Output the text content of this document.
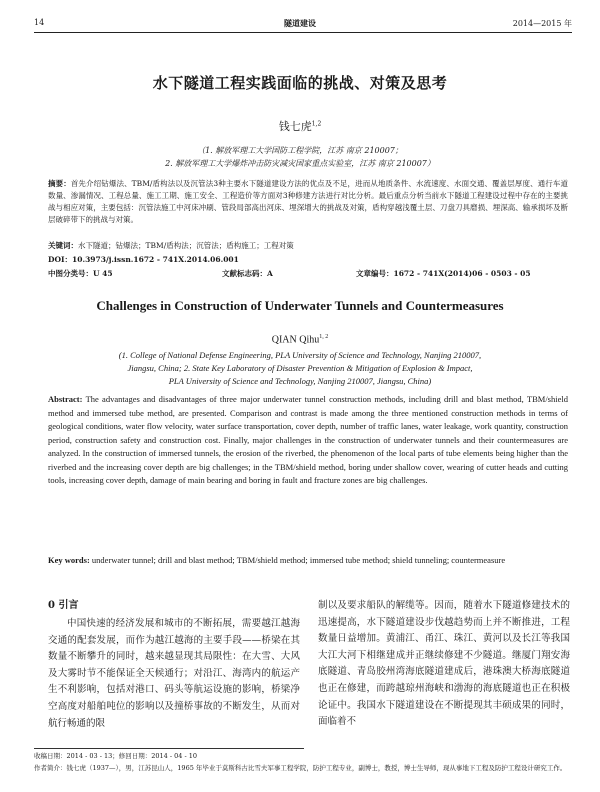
14	隧道建设	2014—2015 年
水下隧道工程实践面临的挑战、对策及思考
钱七虎$^{1,2}$
（1. 解放军理工大学国防工程学院，江苏 南京 210007；
2. 解放军理工大学爆炸冲击防灾减灾国家重点实验室，江苏 南京 210007）
摘要：首先介绍钻爆法、TBM/盾构法以及沉管法3种主要水下隧道建设方法的优点及不足，进而从地质条件、水流速度、水面交通、覆盖层厚度、通行车道数量、渗漏情况、工程总量、施工工期、施工安全、工程造价等方面对3种修建方法进行对比分析。最后重点分析当前水下隧道工程建设过程中存在的主要挑战与相应对策，主要包括：沉管法施工中河床冲刷、管段局部高出河床、埋深增大的挑战及对策，盾构穿越浅覆土层、刀盘刀具磨损、埋深高、输承损坏及断层破碎带下的挑战与对策。
关键词：水下隧道；钻爆法；TBM/盾构法；沉管法；盾构施工；工程对策
DOI：10.3973/j.issn.1672 - 741X.2014.06.001
中图分类号：U 45	文献标志码：A	文章编号：1672 - 741X(2014)06 - 0503 - 05
Challenges in Construction of Underwater Tunnels and Countermeasures
QIAN Qihu$^{1, 2}$
(1. College of National Defense Engineering, PLA University of Science and Technology, Nanjing 210007,
Jiangsu, China; 2. State Key Laboratory of Disaster Prevention & Mitigation of Explosion & Impact,
PLA University of Science and Technology, Nanjing 210007, Jiangsu, China)
Abstract: The advantages and disadvantages of three major underwater tunnel construction methods, including drill and blast method, TBM/shield method and immersed tube method, are presented. Comparison and contrast is made among the three mentioned construction methods in terms of geological conditions, water flow velocity, water surface transportation, cover depth, number of traffic lanes, water leakage, work quantity, construction period, construction safety and construction cost. Finally, major challenges in the construction of underwater tunnels and their countermeasures are analyzed. In the construction of immersed tunnels, the erosion of the riverbed, the phenomenon of the local parts of tube elements being higher than the riverbed and the increasing cover depth are big challenges; in the TBM/shield method, boring under shallow cover, wearing of cutter heads and cutting tools, increasing cover depth, damage of main bearing and boring in fault and fracture zones are big challenges.
Key words: underwater tunnel; drill and blast method; TBM/shield method; immersed tube method; shield tunneling; countermeasure
0 引言
中国快速的经济发展和城市的不断拓展，需要越江越海交通的配套发展，而作为越江越海的主要手段——桥梁在其数量不断攀升的同时，越来越显现其局限性：在大雪、大风及大雾时节不能保证全天候通行；对沿江、海湾内的航运产生不利影响，包括对港口、码头等航运设施的影响，桥梁净空高度对船舶吨位的影响以及撞桥事故的不断发生，从而对航行畅通的限
制以及要求船队的解缆等。因而，随着水下隧道修建技术的迅速提高，水下隧道建设步伐越趋势而上并不断推进，工程数量日益增加。黄浦江、甬江、珠江、黄河以及长江等我国大江大河下相继建成并正继续修建不少隧道。继厦门翔安海底隧道、青岛胶州湾海底隧道建成后，港珠澳大桥海底隧道也正在修建，而跨越琼州海峡和渤海的海底隧道也正在积极论证中。我国水下隧道建设在不断提现其丰硕成果的同时，面临着不
收稿日期：2014 - 03 - 13；修回日期：2014 - 04 - 10
作者简介：钱七虎（1937—），男，江苏昆山人，1965 年毕业于莫斯科古比雪夫军事工程学院，防护工程专业，副博士，教授，博士生导师，现从事地下工程及防护工程设计研究工作。
